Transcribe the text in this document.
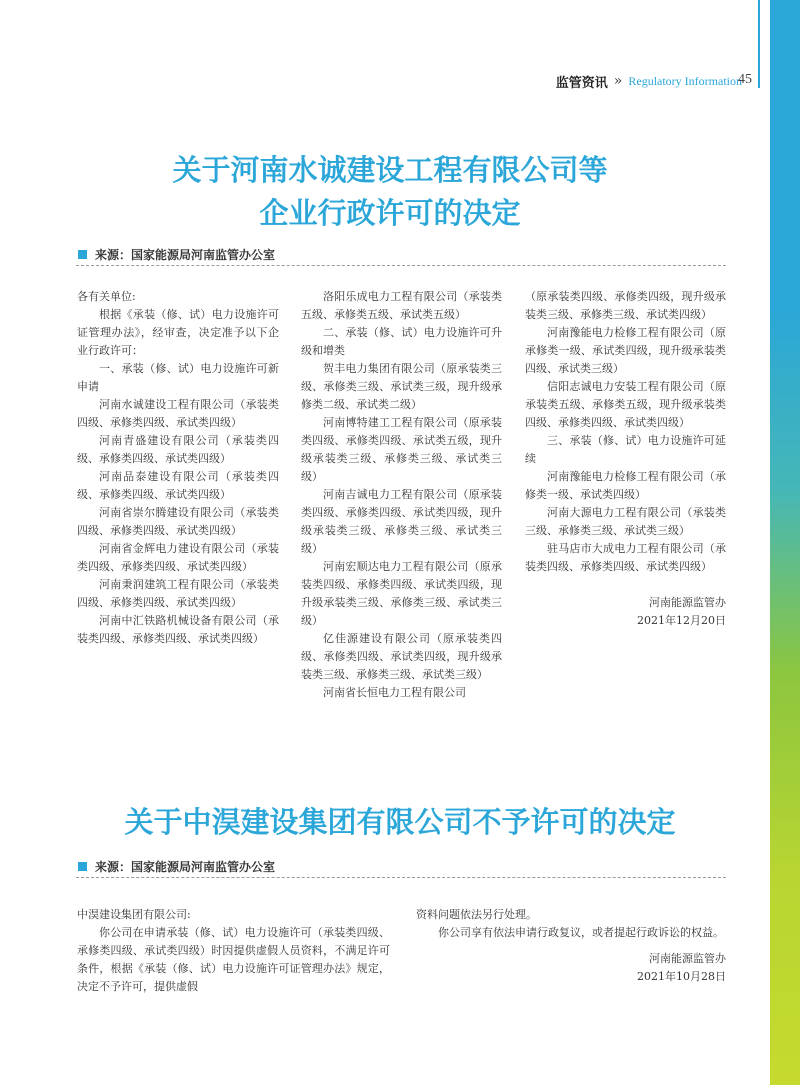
监管资讯 » Regulatory Information
45
关于河南水诚建设工程有限公司等
企业行政许可的决定
来源：国家能源局河南监管办公室

各有关单位:

根据《承装（修、试）电力设施许可证管理办法》，经审查，决定准予以下企业行政许可：

一、承装（修、试）电力设施许可新申请

河南水诚建设工程有限公司（承装类四级、承修类四级、承试类四级）

河南青盛建设有限公司（承装类四级、承修类四级、承试类四级）

河南品泰建设有限公司（承装类四级、承修类四级、承试类四级）

河南省崇尔腾建设有限公司（承装类四级、承修类四级、承试类四级）

河南省金辉电力建设有限公司（承装类四级、承修类四级、承试类四级）

河南秉润建筑工程有限公司（承装类四级、承修类四级、承试类四级）

河南中汇铁路机械设备有限公司（承装类四级、承修类四级、承试类四级）

洛阳乐成电力工程有限公司（承装类五级、承修类五级、承试类五级）

二、承装（修、试）电力设施许可升级和增类

贺丰电力集团有限公司（原承装类三级、承修类三级、承试类三级，现升级承修类二级、承试类二级）

河南博特建工工程有限公司（原承装类四级、承修类四级、承试类五级，现升级承装类三级、承修类三级、承试类三级）

河南吉诚电力工程有限公司（原承装类四级、承修类四级、承试类四级，现升级承装类三级、承修类三级、承试类三级）

河南宏顺达电力工程有限公司（原承装类四级、承修类四级、承试类四级，现升级承装类三级、承修类三级、承试类三级）

亿佳源建设有限公司（原承装类四级、承修类四级、承试类四级，现升级承装类三级、承修类三级、承试类三级）

河南省长恒电力工程有限公司

（原承装类四级、承修类四级，现升级承装类三级、承修类三级、承试类四级）

河南豫能电力检修工程有限公司（原承修类一级、承试类四级，现升级承装类四级、承试类三级）

信阳志诚电力安装工程有限公司（原承装类五级、承修类五级，现升级承装类四级、承修类四级、承试类四级）

三、承装（修、试）电力设施许可延续

河南豫能电力检修工程有限公司（承修类一级、承试类四级）

河南大源电力工程有限公司（承装类三级、承修类三级、承试类三级）

驻马店市大成电力工程有限公司（承装类四级、承修类四级、承试类四级）

河南能源监管办

2021年12月20日

关于中淏建设集团有限公司不予许可的决定
来源：国家能源局河南监管办公室

中淏建设集团有限公司:

你公司在申请承装（修、试）电力设施许可（承装类四级、承修类四级、承试类四级）时因提供虚假人员资料，不满足许可条件，根据《承装（修、试）电力设施许可证管理办法》规定，决定不予许可，提供虚假

资料问题依法另行处理。

你公司享有依法申请行政复议，或者提起行政诉讼的权益。

河南能源监管办

2021年10月28日
